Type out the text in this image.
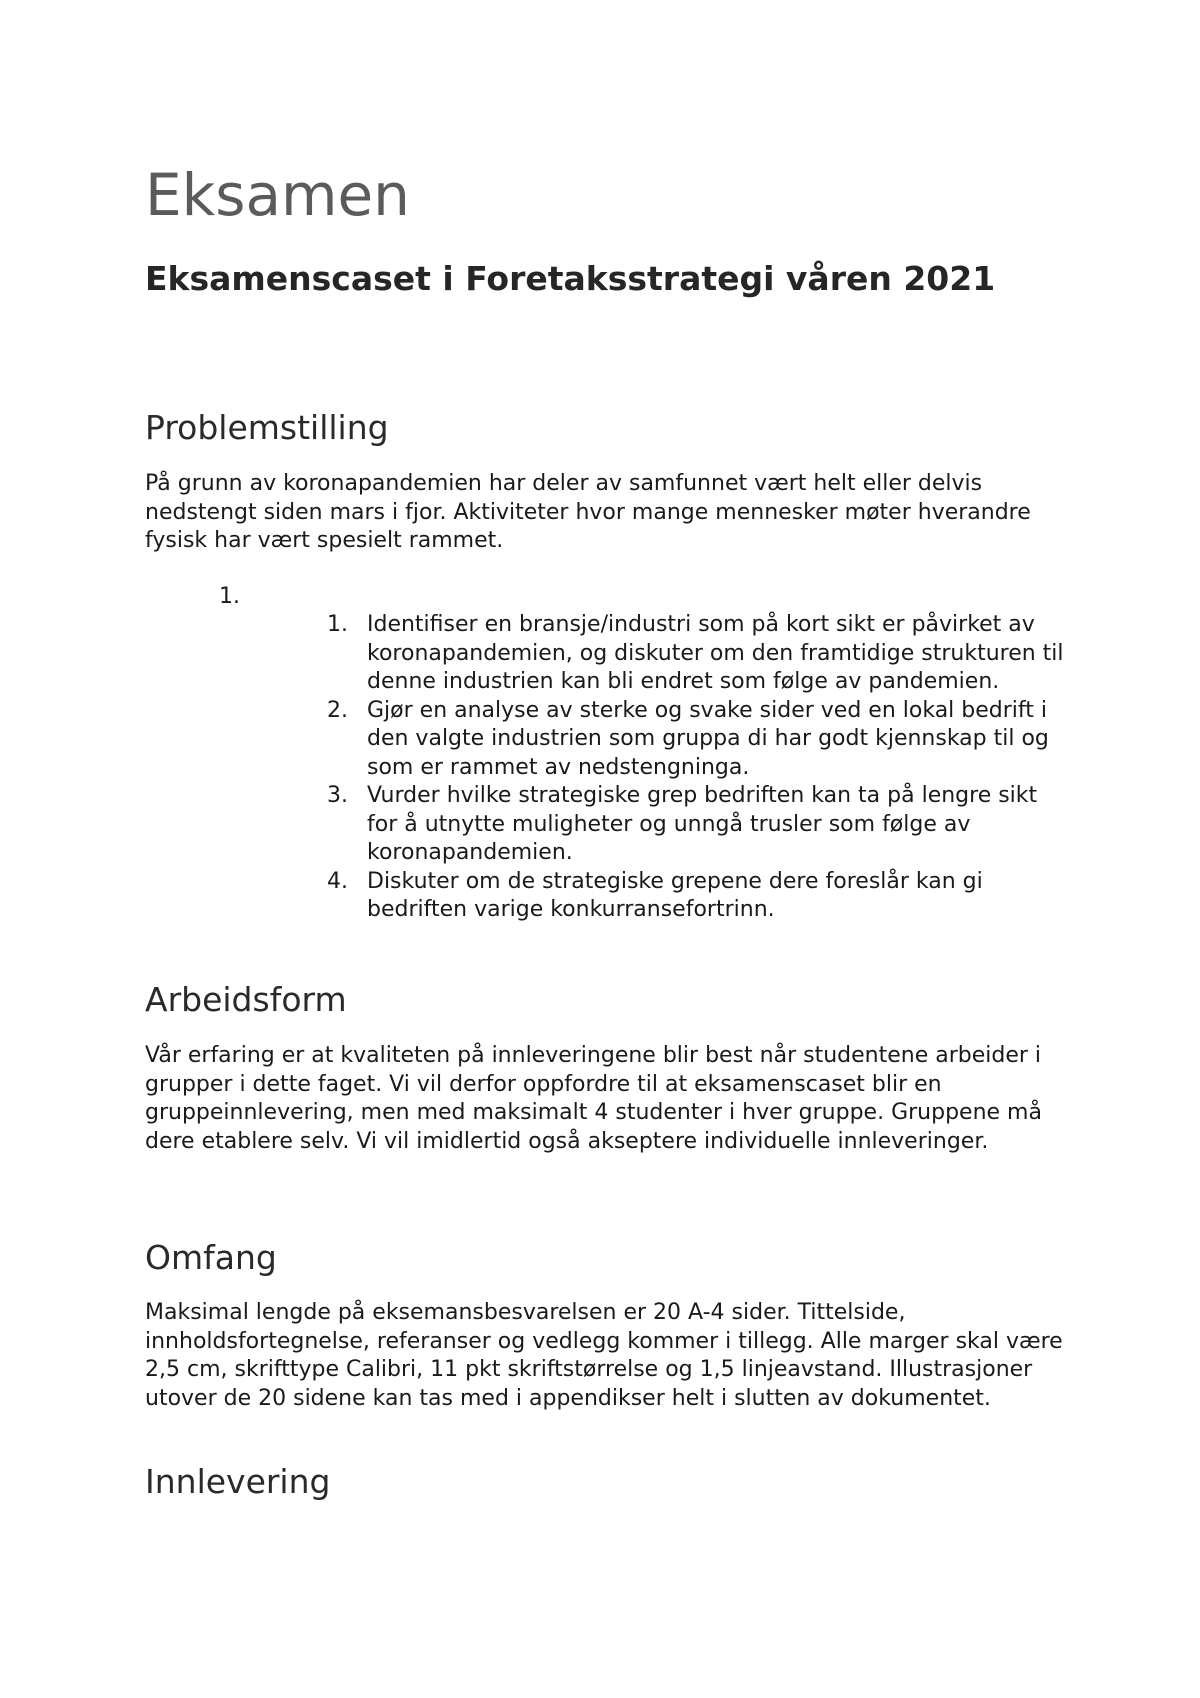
Eksamen
Eksamenscaset i Foretaksstrategi våren 2021
Problemstilling

På grunn av koronapandemien har deler av samfunnet vært helt eller delvis nedstengt siden mars i fjor. Aktiviteter hvor mange mennesker møter hverandre fysisk har vært spesielt rammet.

1.
1. Identifiser en bransje/industri som på kort sikt er påvirket av koronapandemien, og diskuter om den framtidige strukturen til denne industrien kan bli endret som følge av pandemien.
2. Gjør en analyse av sterke og svake sider ved en lokal bedrift i den valgte industrien som gruppa di har godt kjennskap til og som er rammet av nedstengninga.
3. Vurder hvilke strategiske grep bedriften kan ta på lengre sikt for å utnytte muligheter og unngå trusler som følge av koronapandemien.
4. Diskuter om de strategiske grepene dere foreslår kan gi bedriften varige konkurransefortrinn.
Arbeidsform

Vår erfaring er at kvaliteten på innleveringene blir best når studentene arbeider i grupper i dette faget. Vi vil derfor oppfordre til at eksamenscaset blir en gruppeinnlevering, men med maksimalt 4 studenter i hver gruppe. Gruppene må dere etablere selv. Vi vil imidlertid også akseptere individuelle innleveringer.

Omfang

Maksimal lengde på eksemansbesvarelsen er 20 A-4 sider. Tittelside, innholdsfortegnelse, referanser og vedlegg kommer i tillegg. Alle marger skal være 2,5 cm, skrifttype Calibri, 11 pkt skriftstørrelse og 1,5 linjeavstand. Illustrasjoner utover de 20 sidene kan tas med i appendikser helt i slutten av dokumentet.

Innlevering
